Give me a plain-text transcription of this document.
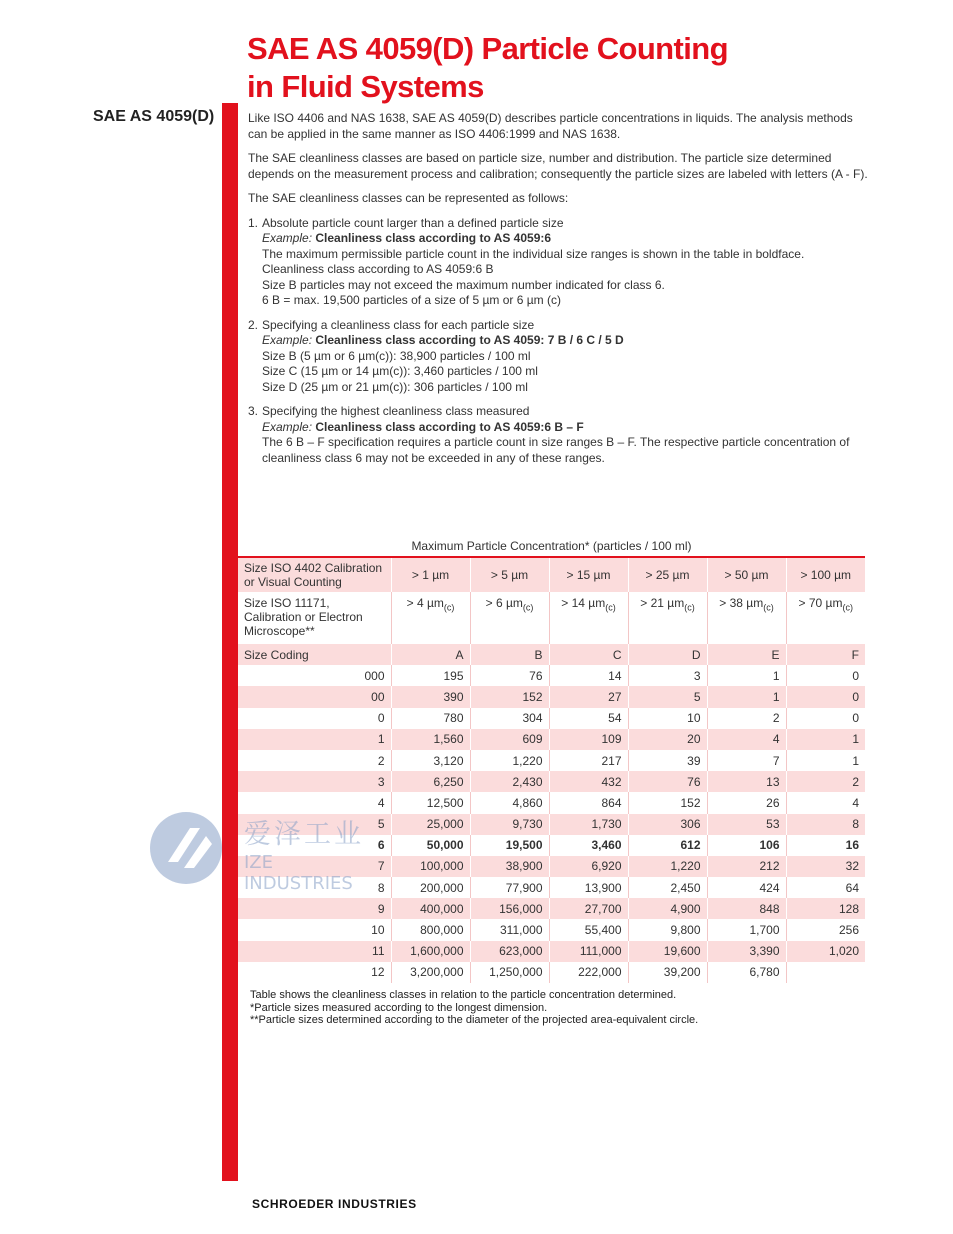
SAE AS 4059(D) Particle Counting
in Fluid Systems
SAE AS 4059(D)	Like ISO 4406 and NAS 1638, SAE AS 4059(D) describes particle concentrations in liquids. The analysis methods can be applied in the same manner as ISO 4406:1999 and NAS 1638.

The SAE cleanliness classes are based on particle size, number and distribution. The particle size determined depends on the measurement process and calibration; consequently the particle sizes are labeled with letters (A - F).

The SAE cleanliness classes can be represented as follows:

1. Absolute particle count larger than a defined particle size
Example: Cleanliness class according to AS 4059:6
The maximum permissible particle count in the individual size ranges is shown in the table in boldface.
Cleanliness class according to AS 4059:6 B
Size B particles may not exceed the maximum number indicated for class 6.
6 B = max. 19,500 particles of a size of 5 µm or 6 µm (c)
2. Specifying a cleanliness class for each particle size
Example: Cleanliness class according to AS 4059: 7 B / 6 C / 5 D
Size B (5 µm or 6 µm(c)): 38,900 particles / 100 ml
Size C (15 µm or 14 µm(c)): 3,460 particles / 100 ml
Size D (25 µm or 21 µm(c)): 306 particles / 100 ml
3. Specifying the highest cleanliness class measured
Example: Cleanliness class according to AS 4059:6 B – F
The 6 B – F specification requires a particle count in size ranges B – F. The respective particle concentration of cleanliness class 6 may not be exceeded in any of these ranges.
Maximum Particle Concentration* (particles / 100 ml)
Size ISO 4402 Calibration or Visual Counting	> 1 µm	> 5 µm	> 15 µm	> 25 µm	> 50 µm	> 100 µm
Size ISO 11171, Calibration or Electron Microscope**	> 4 µm$_{(c)}$	> 6 µm$_{(c)}$	> 14 µm$_{(c)}$	> 21 µm$_{(c)}$	> 38 µm$_{(c)}$	> 70 µm$_{(c)}$
Size Coding	A	B	C	D	E	F
000	195	76	14	3	1	0
00	390	152	27	5	1	0
0	780	304	54	10	2	0
1	1,560	609	109	20	4	1
2	3,120	1,220	217	39	7	1
3	6,250	2,430	432	76	13	2
4	12,500	4,860	864	152	26	4
5	25,000	9,730	1,730	306	53	8
6	50,000	19,500	3,460	612	106	16
7	100,000	38,900	6,920	1,220	212	32
8	200,000	77,900	13,900	2,450	424	64
9	400,000	156,000	27,700	4,900	848	128
10	800,000	311,000	55,400	9,800	1,700	256
11	1,600,000	623,000	111,000	19,600	3,390	1,020
12	3,200,000	1,250,000	222,000	39,200	6,780	
Table shows the cleanliness classes in relation to the particle concentration determined.
*Particle sizes measured according to the longest dimension.
**Particle sizes determined according to the diameter of the projected area-equivalent circle.
爱泽工业
IZE INDUSTRIES
SCHROEDER INDUSTRIES
